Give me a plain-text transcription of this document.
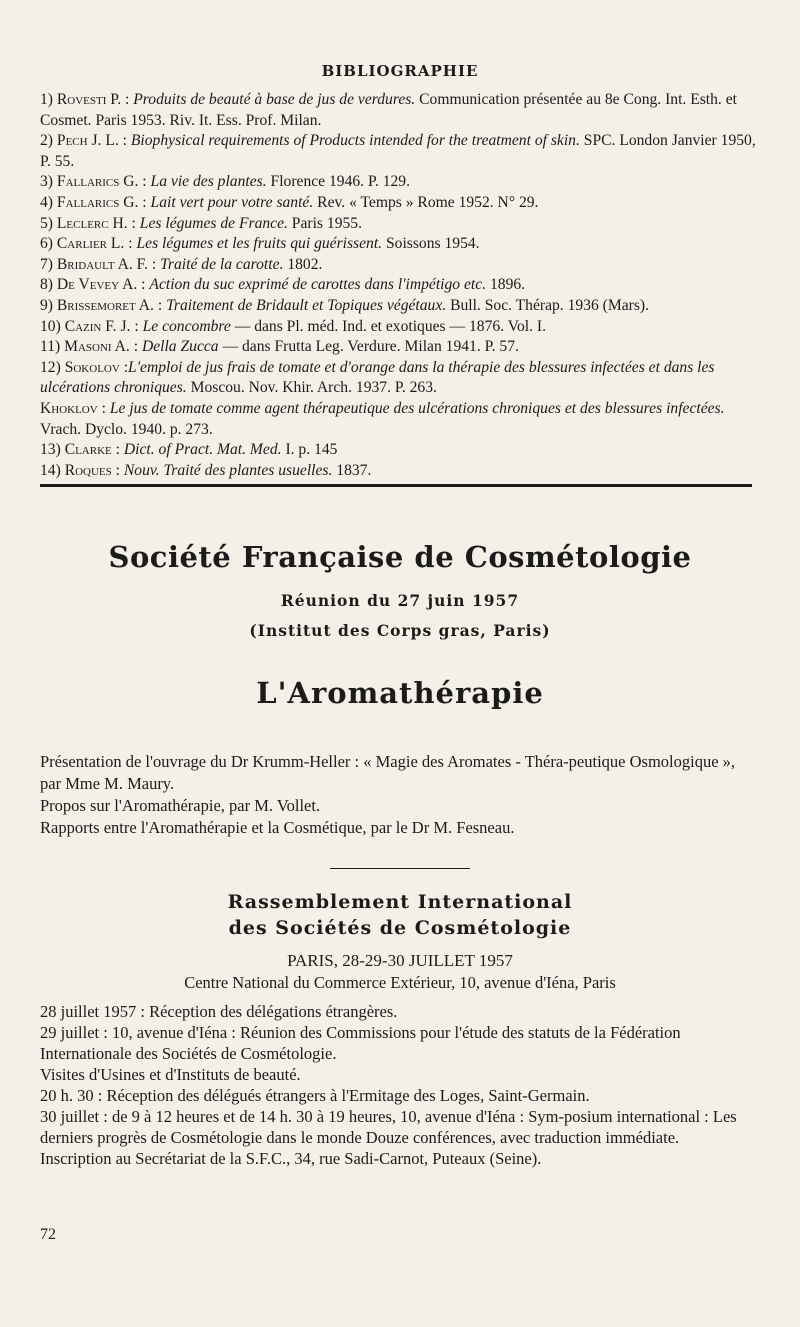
BIBLIOGRAPHIE
1) Rovesti P. : Produits de beauté à base de jus de verdures. Communication présentée au 8e Cong. Int. Esth. et Cosmet. Paris 1953. Riv. It. Ess. Prof. Milan.
2) Pech J. L. : Biophysical requirements of Products intended for the treatment of skin. SPC. London Janvier 1950, P. 55.
3) Fallarics G. : La vie des plantes. Florence 1946. P. 129.
4) Fallarics G. : Lait vert pour votre santé. Rev. « Temps » Rome 1952. N° 29.
5) Leclerc H. : Les légumes de France. Paris 1955.
6) Carlier L. : Les légumes et les fruits qui guérissent. Soissons 1954.
7) Bridault A. F. : Traité de la carotte. 1802.
8) De Vevey A. : Action du suc exprimé de carottes dans l'impétigo etc. 1896.
9) Brissemoret A. : Traitement de Bridault et Topiques végétaux. Bull. Soc. Thérap. 1936 (Mars).
10) Cazin F. J. : Le concombre — dans Pl. méd. Ind. et exotiques — 1876. Vol. I.
11) Masoni A. : Della Zucca — dans Frutta Leg. Verdure. Milan 1941. P. 57.
12) Sokolov :L'emploi de jus frais de tomate et d'orange dans la thérapie des blessures infectées et dans les ulcérations chroniques. Moscou. Nov. Khir. Arch. 1937. P. 263.
Khoklov : Le jus de tomate comme agent thérapeutique des ulcérations chroniques et des blessures infectées. Vrach. Dyclo. 1940. p. 273.
13) Clarke : Dict. of Pract. Mat. Med. I. p. 145
14) Roques : Nouv. Traité des plantes usuelles. 1837.
Société Française de Cosmétologie
Réunion du 27 juin 1957
(Institut des Corps gras, Paris)
L'Aromathérapie

Présentation de l'ouvrage du Dr Krumm-Heller : « Magie des Aromates - Théra-peutique Osmologique », par Mme M. Maury.

Propos sur l'Aromathérapie, par M. Vollet.

Rapports entre l'Aromathérapie et la Cosmétique, par le Dr M. Fesneau.

Rassemblement International
des Sociétés de Cosmétologie
PARIS, 28-29-30 JUILLET 1957
Centre National du Commerce Extérieur, 10, avenue d'Iéna, Paris

28 juillet 1957 : Réception des délégations étrangères.

29 juillet : 10, avenue d'Iéna : Réunion des Commissions pour l'étude des statuts de la Fédération Internationale des Sociétés de Cosmétologie.

Visites d'Usines et d'Instituts de beauté.

20 h. 30 : Réception des délégués étrangers à l'Ermitage des Loges, Saint-Germain.

30 juillet : de 9 à 12 heures et de 14 h. 30 à 19 heures, 10, avenue d'Iéna : Sym-posium international : Les derniers progrès de Cosmétologie dans le monde Douze conférences, avec traduction immédiate.

Inscription au Secrétariat de la S.F.C., 34, rue Sadi-Carnot, Puteaux (Seine).

72
